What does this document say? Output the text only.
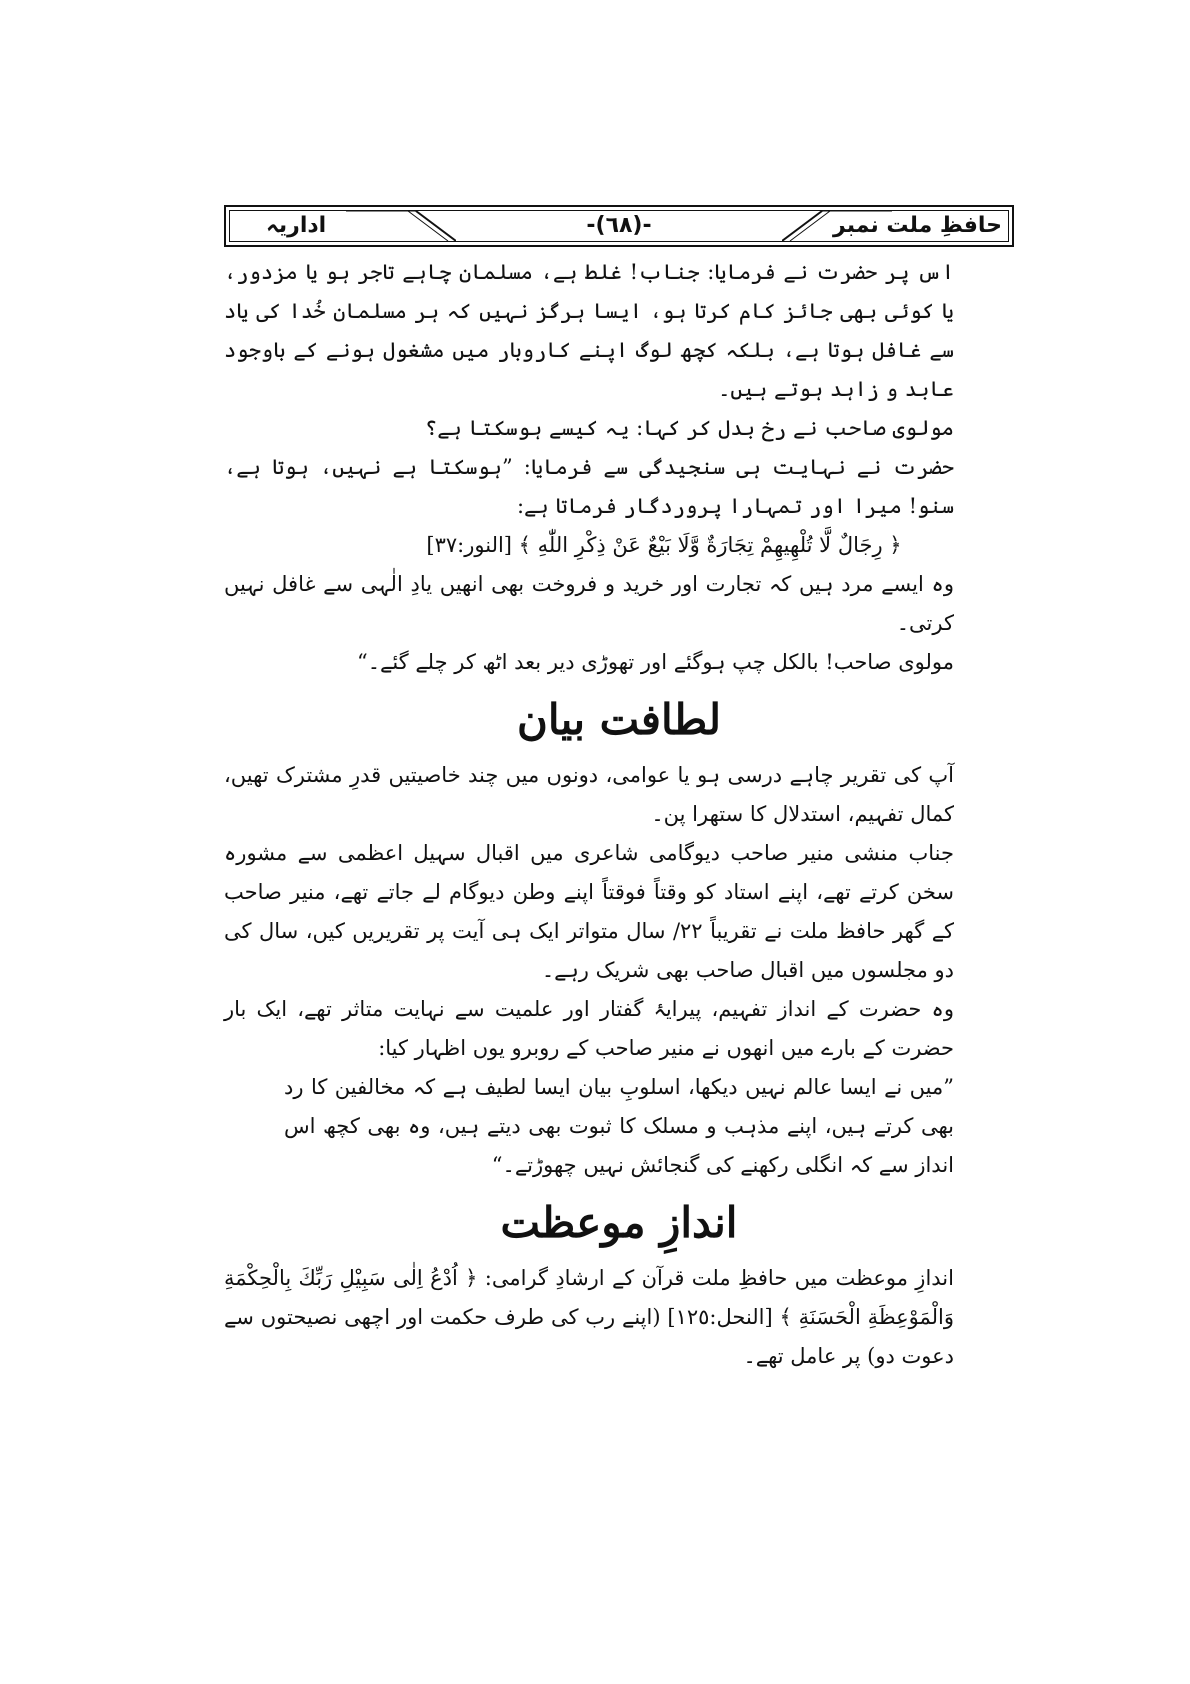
حافظِ ملت نمبر
-(٦٨)-
اداریہ

اس پر حضرت نے فرمایا: جناب! غلط ہے، مسلمان چاہے تاجر ہو یا مزدور، یا کوئی بھی جائز کام کرتا ہو، ایسا ہرگز نہیں کہ ہر مسلمان خُدا کی یاد سے غافل ہوتا ہے، بلکہ کچھ لوگ اپنے کاروبار میں مشغول ہونے کے باوجود عابد و زاہد ہوتے ہیں۔

مولوی صاحب نے رخ بدل کر کہا: یہ کیسے ہوسکتا ہے؟

حضرت نے نہایت ہی سنجیدگی سے فرمایا: ”ہوسکتا ہے نہیں، ہوتا ہے، سنو! میرا اور تمہارا پروردگار فرماتا ہے:

﴿ رِجَالٌ لَّا تُلْهِيهِمْ تِجَارَةٌ وَّلَا بَيْعٌ عَنْ ذِكْرِ اللّٰهِ ﴾ [النور:٣٧]

وہ ایسے مرد ہیں کہ تجارت اور خرید و فروخت بھی انھیں یادِ الٰہی سے غافل نہیں کرتی۔

مولوی صاحب! بالکل چپ ہوگئے اور تھوڑی دیر بعد اٹھ کر چلے گئے۔“

لطافت بیان

آپ کی تقریر چاہے درسی ہو یا عوامی، دونوں میں چند خاصیتیں قدرِ مشترک تھیں، کمال تفہیم، استدلال کا ستھرا پن۔

جناب منشی منیر صاحب دیوگامی شاعری میں اقبال سہیل اعظمی سے مشورہ سخن کرتے تھے، اپنے استاد کو وقتاً فوقتاً اپنے وطن دیوگام لے جاتے تھے، منیر صاحب کے گھر حافظ ملت نے تقریباً ۲۲/ سال متواتر ایک ہی آیت پر تقریریں کیں، سال کی دو مجلسوں میں اقبال صاحب بھی شریک رہے۔

وہ حضرت کے انداز تفہیم، پیرایۂ گفتار اور علمیت سے نہایت متاثر تھے، ایک بار حضرت کے بارے میں انھوں نے منیر صاحب کے روبرو یوں اظہار کیا:

”میں نے ایسا عالم نہیں دیکھا، اسلوبِ بیان ایسا لطیف ہے کہ مخالفین کا رد بھی کرتے ہیں، اپنے مذہب و مسلک کا ثبوت بھی دیتے ہیں، وہ بھی کچھ اس انداز سے کہ انگلی رکھنے کی گنجائش نہیں چھوڑتے۔“

اندازِ موعظت

اندازِ موعظت میں حافظِ ملت قرآن کے ارشادِ گرامی: ﴿ اُدْعُ اِلٰى سَبِيْلِ رَبِّكَ بِالْحِكْمَةِ وَالْمَوْعِظَةِ الْحَسَنَةِ ﴾ [النحل:١٢٥] (اپنے رب کی طرف حکمت اور اچھی نصیحتوں سے دعوت دو) پر عامل تھے۔
